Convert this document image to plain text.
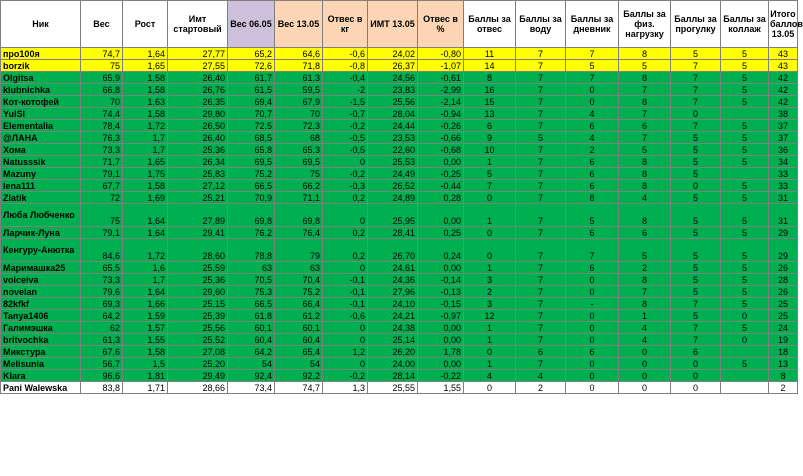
Ник	Вес	Рост	Имт стартовый	Вес 06.05	Вес 13.05	Отвес в кг	ИМТ 13.05	Отвес в %	Баллы за отвес	Баллы за воду	Баллы за дневник	Баллы за физ. нагрузку	Баллы за прогулку	Баллы за коллаж	Итого баллов 13.05
про100я	74,7	1,64	27,77	65,2	64,6	-0,6	24,02	-0,80	11	7	7	8	5	5	43
borzik	75	1,65	27,55	72,6	71,8	-0,8	26,37	-1,07	14	7	5	5	7	5	43
Olgitsa	65,9	1,58	26,40	61,7	61,3	-0,4	24,56	-0,61	8	7	7	8	7	5	42
klubnichka	66,8	1,58	26,76	61,5	59,5	-2	23,83	-2,99	16	7	0	7	7	5	42
Кот-котофей	70	1,63	26,35	69,4	67,9	-1,5	25,56	-2,14	15	7	0	8	7	5	42
YulSl	74,4	1,58	29,80	70,7	70	-0,7	28,04	-0,94	13	7	4	7	0		38
Elementalia	78,4	1,72	26,50	72,5	72,3	-0,2	24,44	-0,26	6	7	6	6	7	5	37
@ЛАНА	76,3	1,7	26,40	68,5	68	-0,5	23,53	-0,66	9	5	4	7	5	5	37
Хома	73,3	1,7	25,36	65,8	65,3	-0,5	22,60	-0,68	10	7	2	5	5	5	36
Natusssik	71,7	1,65	26,34	69,5	69,5	0	25,53	0,00	1	7	6	8	5	5	34
Mazuny	79,1	1,75	25,83	75,2	75	-0,2	24,49	-0,25	5	7	6	8	5		33
lena111	67,7	1,58	27,12	66,5	66,2	-0,3	26,52	-0,44	7	7	6	8	0	5	33
Zlatik	72	1,69	25,21	70,9	71,1	0,2	24,89	0,28	0	7	8	4	5	5	31
Люба Любченко	75	1,64	27,89	69,8	69,8	0	25,95	0,00	1	7	5	8	5	5	31
Ларчик-Луна	79,1	1,64	29,41	76,2	76,4	0,2	28,41	0,25	0	7	6	6	5	5	29
Кенгуру-Анютка	84,6	1,72	28,60	78,8	79	0,2	26,70	0,24	0	7	7	5	5	5	29
Маримашка25	65,5	1,6	25,59	63	63	0	24,61	0,00	1	7	6	2	5	5	26
voiceiva	73,3	1,7	25,36	70,5	70,4	-0,1	24,36	-0,14	3	7	0	8	5	5	28
novelan	79,6	1,64	29,60	75,3	75,2	-0,1	27,96	-0,13	2	7	0	7	5	5	26
82kfkf	69,3	1,66	25,15	66,5	66,4	-0,1	24,10	-0,15	3	7	-	8	7	5	25
Tanya1406	64,2	1,59	25,39	61,8	61,2	-0,6	24,21	-0,97	12	7	0	1	5	0	25
Галимэшка	62	1,57	25,56	60,1	60,1	0	24,38	0,00	1	7	0	4	7	5	24
britvochka	61,3	1,55	25,52	60,4	60,4	0	25,14	0,00	1	7	0	4	7	0	19
Микстура	67,6	1,58	27,08	64,2	65,4	1,2	26,20	1,78	0	6	6	0	6		18
Melisunia	56,7	1,5	25,20	54	54	0	24,00	0,00	1	7	0	0	0	5	13
Klara	96,6	1,81	29,49	92,4	92,2	-0,2	28,14	-0,22	4	4	0	0	0		8
Pani Walewska	83,8	1,71	28,66	73,4	74,7	1,3	25,55	1,55	0	2	0	0	0		2
